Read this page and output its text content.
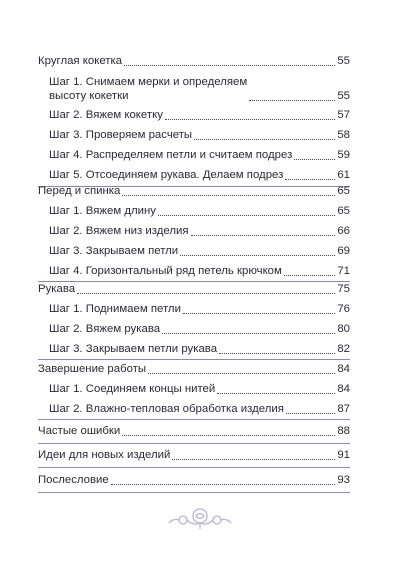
Круглая кокетка	55
Шаг 1. Снимаем мерки и определяем
высоту кокетки	55
Шаг 2. Вяжем кокетку	57
Шаг 3. Проверяем расчеты	58
Шаг 4. Распределяем петли и считаем подрез	59
Шаг 5. Отсоединяем рукава. Делаем подрез	61
Перед и спинка	65
Шаг 1. Вяжем длину	65
Шаг 2. Вяжем низ изделия	66
Шаг 3. Закрываем петли	69
Шаг 4. Горизонтальный ряд петель крючком	71
Рукава	75
Шаг 1. Поднимаем петли	76
Шаг 2. Вяжем рукава	80
Шаг 3. Закрываем петли рукава	82
Завершение работы	84
Шаг 1. Соединяем концы нитей	84
Шаг 2. Влажно-тепловая обработка изделия	87
Частые ошибки	88
Идеи для новых изделий	91
Послесловие	93
